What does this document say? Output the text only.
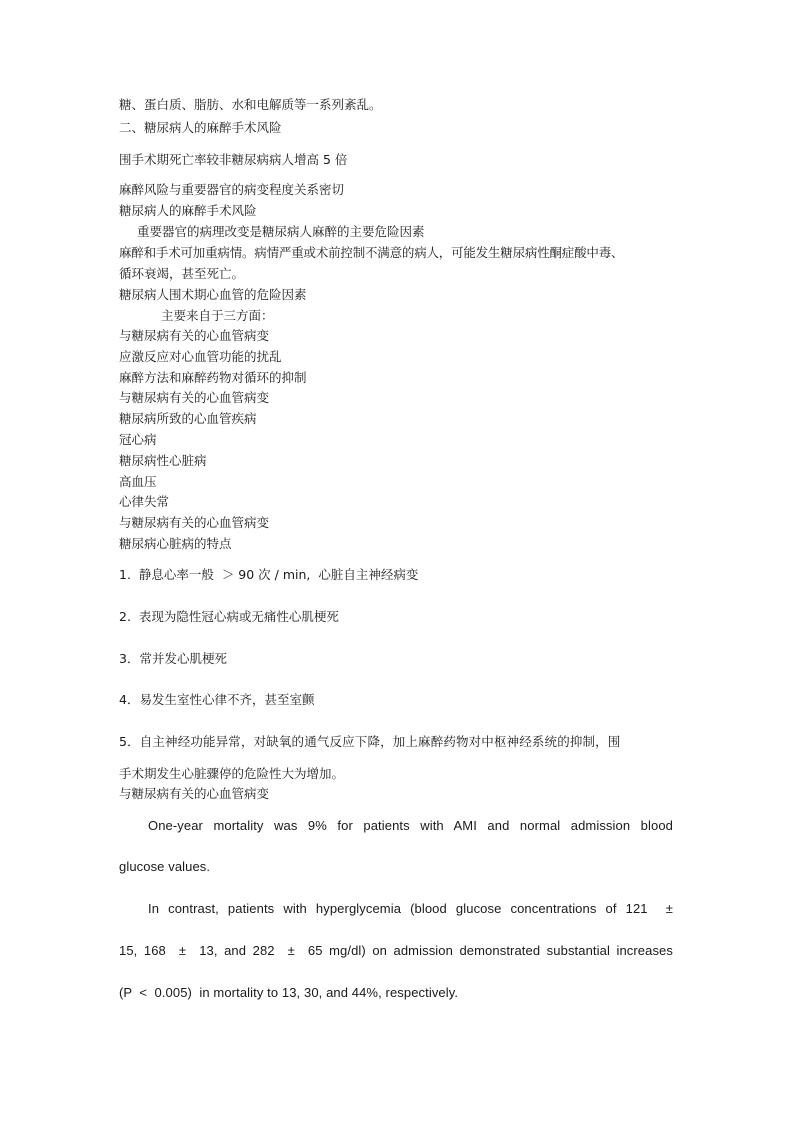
糖、蛋白质、脂肪、水和电解质等一系列紊乱。
二、糖尿病人的麻醉手术风险
围手术期死亡率较非糖尿病病人增高 5 倍
麻醉风险与重要器官的病变程度关系密切
糖尿病人的麻醉手术风险
重要器官的病理改变是糖尿病人麻醉的主要危险因素
麻醉和手术可加重病情。病情严重或术前控制不满意的病人，可能发生糖尿病性酮症酸中毒、
循环衰竭，甚至死亡。
糖尿病人围术期心血管的危险因素
主要来自于三方面：
与糖尿病有关的心血管病变
应激反应对心血管功能的扰乱
麻醉方法和麻醉药物对循环的抑制
与糖尿病有关的心血管病变
糖尿病所致的心血管疾病
冠心病
糖尿病性心脏病
高血压
心律失常
与糖尿病有关的心血管病变
糖尿病心脏病的特点
1.  静息心率一般  ＞ 90 次 / min,  心脏自主神经病变
2.  表现为隐性冠心病或无痛性心肌梗死
3．常并发心肌梗死
4．易发生室性心律不齐，甚至室颤
5．自主神经功能异常，对缺氧的通气反应下降，加上麻醉药物对中枢神经系统的抑制，围
手术期发生心脏骤停的危险性大为增加。
与糖尿病有关的心血管病变
One-year mortality was 9% for patients with AMI and normal admission blood
glucose values.
In contrast, patients with hyperglycemia (blood glucose concentrations of 121  ±
15, 168  ±  13, and 282  ±  65 mg/dl) on admission demonstrated substantial increases
(P  <  0.005)  in mortality to 13, 30, and 44%, respectively.
